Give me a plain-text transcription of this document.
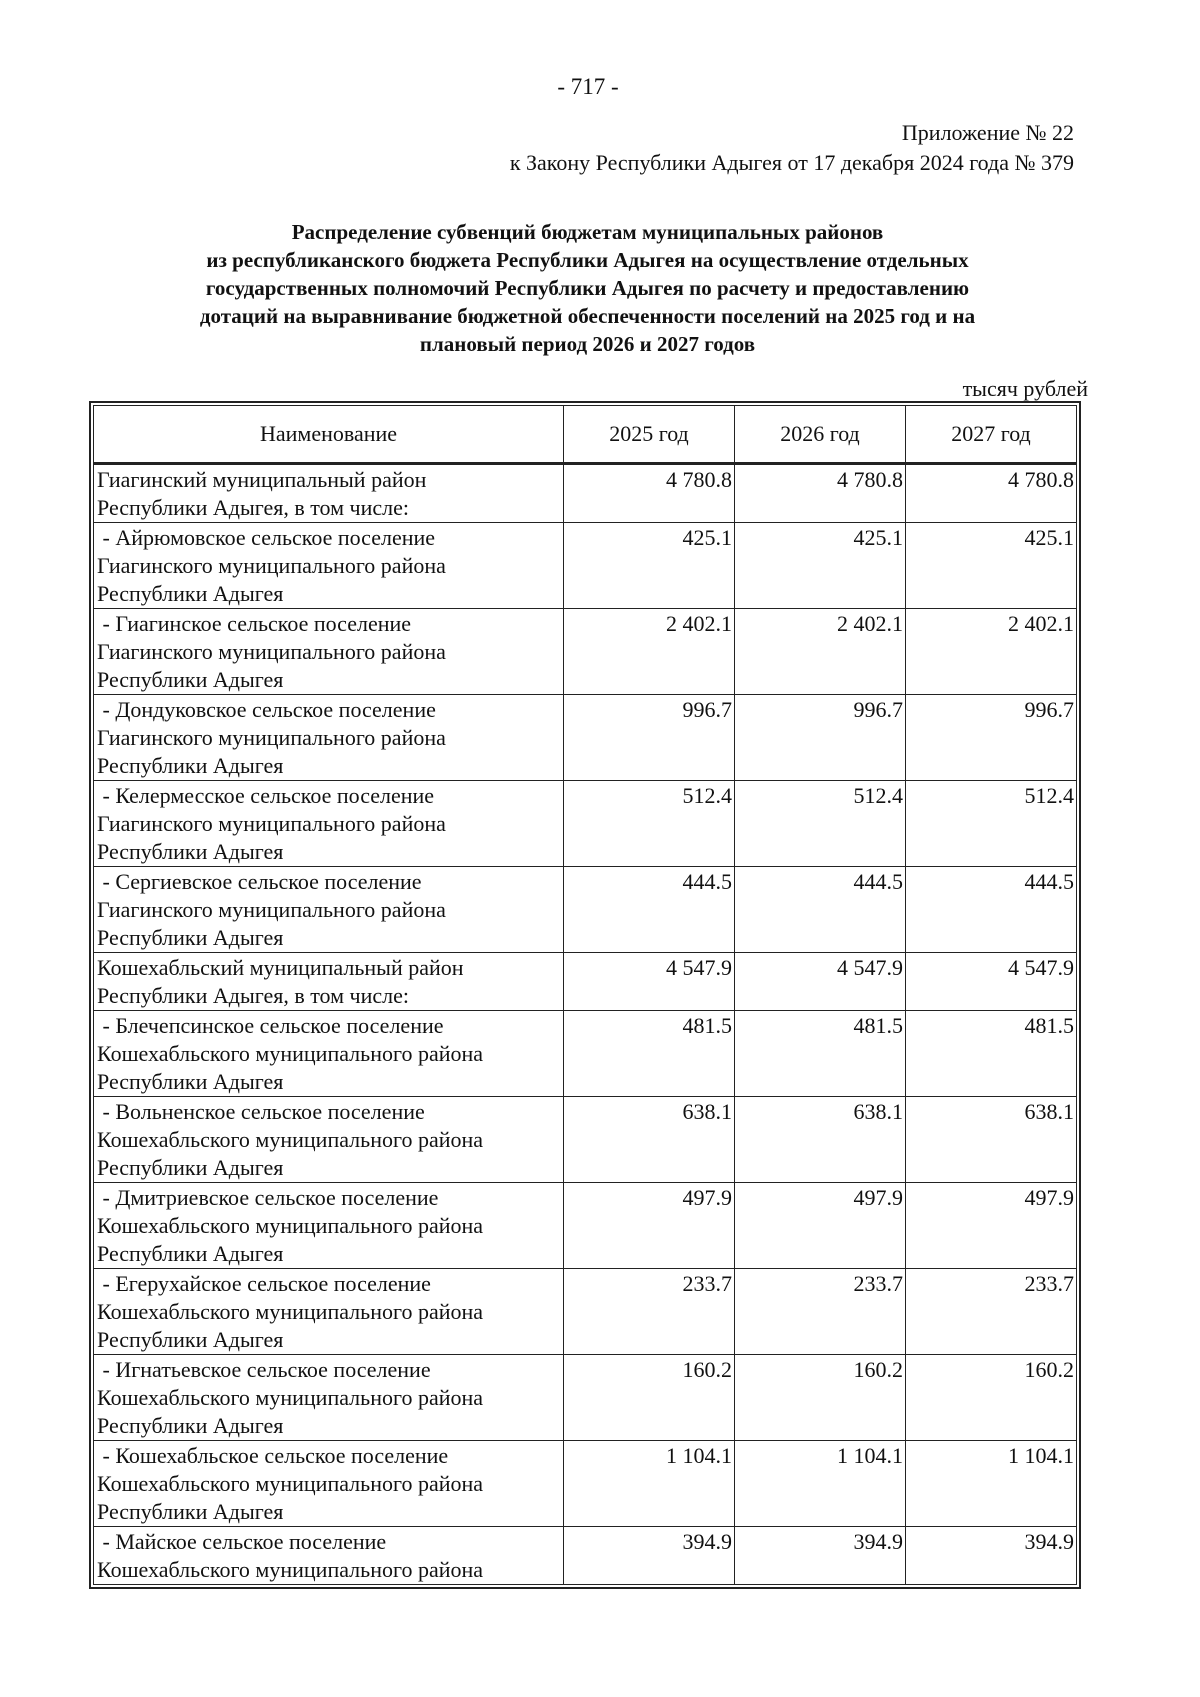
- 717 -
Приложение № 22
к Закону Республики Адыгея от 17 декабря 2024 года № 379
Распределение субвенций бюджетам муниципальных районов
из республиканского бюджета Республики Адыгея на осуществление отдельных
государственных полномочий Республики Адыгея по расчету и предоставлению
дотаций на выравнивание бюджетной обеспеченности поселений на 2025 год и на
плановый период 2026 и 2027 годов
тысяч рублей
Наименование	2025 год	2026 год	2027 год

Гиагинский муниципальный район
Республики Адыгея, в том числе:	4 780.8	4 780.8	4 780.8

- Айрюмовское сельское поселение
Гиагинского муниципального района
Республики Адыгея	425.1	425.1	425.1

- Гиагинское сельское поселение
Гиагинского муниципального района
Республики Адыгея	2 402.1	2 402.1	2 402.1

- Дондуковское сельское поселение
Гиагинского муниципального района
Республики Адыгея	996.7	996.7	996.7

- Келермесское сельское поселение
Гиагинского муниципального района
Республики Адыгея	512.4	512.4	512.4

- Сергиевское сельское поселение
Гиагинского муниципального района
Республики Адыгея	444.5	444.5	444.5

Кошехабльский муниципальный район
Республики Адыгея, в том числе:	4 547.9	4 547.9	4 547.9

- Блечепсинское сельское поселение
Кошехабльского муниципального района
Республики Адыгея	481.5	481.5	481.5

- Вольненское сельское поселение
Кошехабльского муниципального района
Республики Адыгея	638.1	638.1	638.1

- Дмитриевское сельское поселение
Кошехабльского муниципального района
Республики Адыгея	497.9	497.9	497.9

- Егерухайское сельское поселение
Кошехабльского муниципального района
Республики Адыгея	233.7	233.7	233.7

- Игнатьевское сельское поселение
Кошехабльского муниципального района
Республики Адыгея	160.2	160.2	160.2

- Кошехабльское сельское поселение
Кошехабльского муниципального района
Республики Адыгея	1 104.1	1 104.1	1 104.1

- Майское сельское поселение
Кошехабльского муниципального района	394.9	394.9	394.9
